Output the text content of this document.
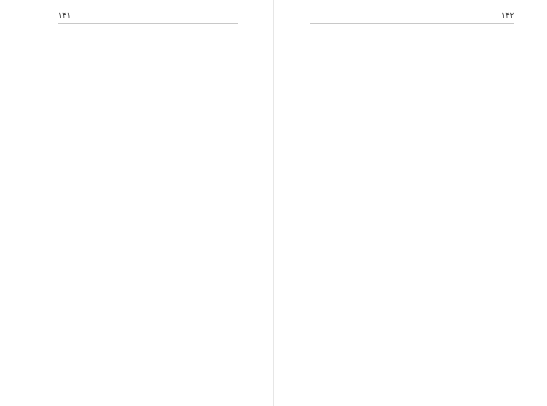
١۴١	١۴٢
